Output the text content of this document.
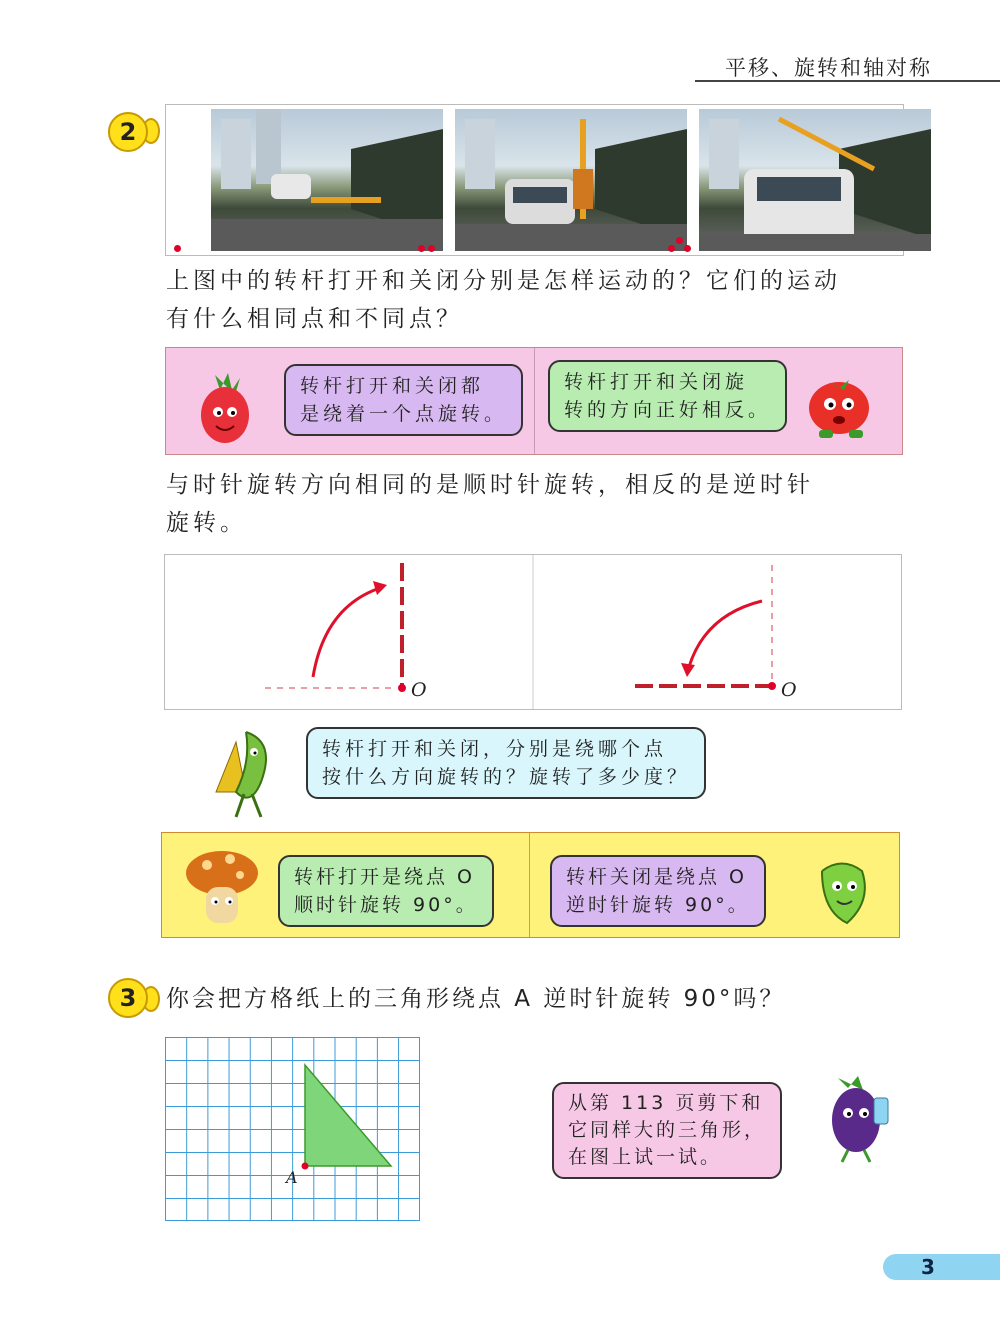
平移、旋转和轴对称
2
上图中的转杆打开和关闭分别是怎样运动的？它们的运动
有什么相同点和不同点？
转杆打开和关闭都
是绕着一个点旋转。
转杆打开和关闭旋
转的方向正好相反。
与时针旋转方向相同的是顺时针旋转，相反的是逆时针
旋转。
O	O
转杆打开和关闭，分别是绕哪个点
按什么方向旋转的？旋转了多少度？
转杆打开是绕点 O
顺时针旋转 90°。
转杆关闭是绕点 O
逆时针旋转 90°。
3	你会把方格纸上的三角形绕点 A 逆时针旋转 90°吗？
A
从第 113 页剪下和
它同样大的三角形，
在图上试一试。
3
